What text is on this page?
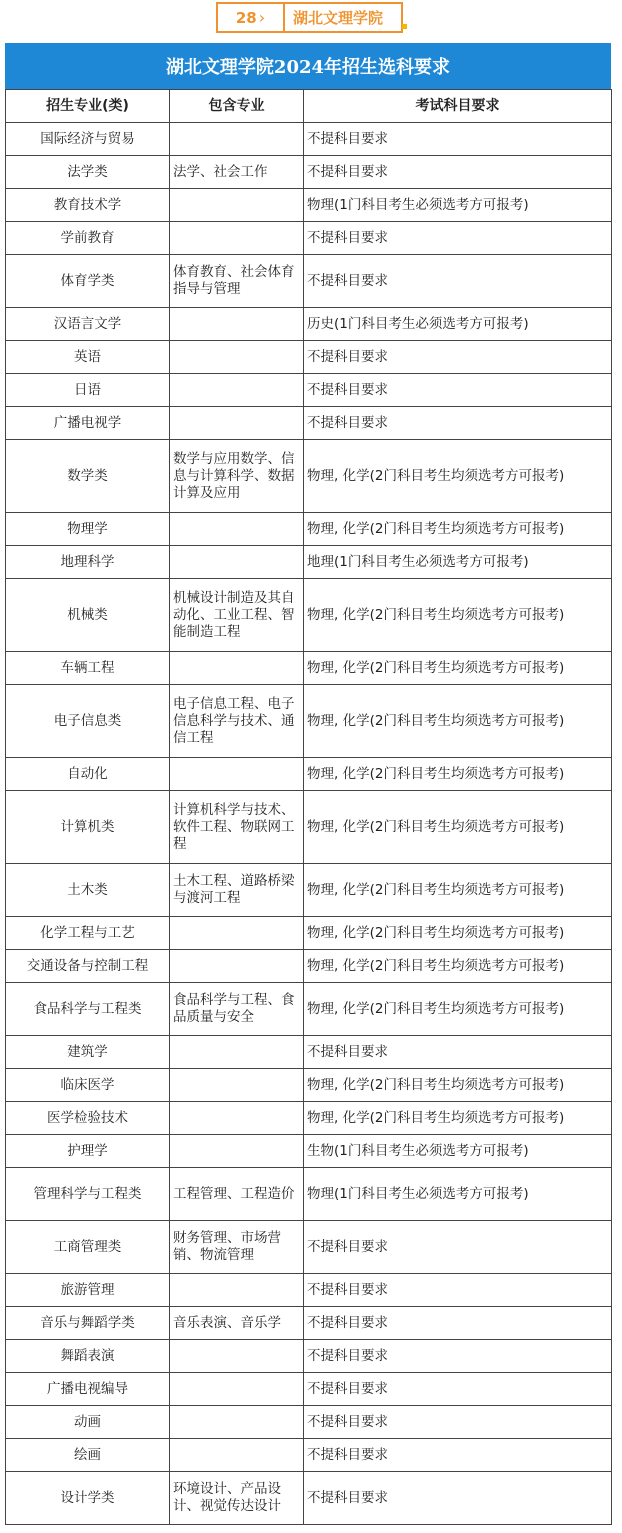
28 › 湖北文理学院
湖北文理学院2024年招生选科要求
招生专业(类)	包含专业	考试科目要求
国际经济与贸易		不提科目要求
法学类	法学、社会工作	不提科目要求
教育技术学		物理(1门科目考生必须选考方可报考)
学前教育		不提科目要求
体育学类	体育教育、社会体育指导与管理	不提科目要求
汉语言文学		历史(1门科目考生必须选考方可报考)
英语		不提科目要求
日语		不提科目要求
广播电视学		不提科目要求
数学类	数学与应用数学、信息与计算科学、数据计算及应用	物理, 化学(2门科目考生均须选考方可报考)
物理学		物理, 化学(2门科目考生均须选考方可报考)
地理科学		地理(1门科目考生必须选考方可报考)
机械类	机械设计制造及其自动化、工业工程、智能制造工程	物理, 化学(2门科目考生均须选考方可报考)
车辆工程		物理, 化学(2门科目考生均须选考方可报考)
电子信息类	电子信息工程、电子信息科学与技术、通信工程	物理, 化学(2门科目考生均须选考方可报考)
自动化		物理, 化学(2门科目考生均须选考方可报考)
计算机类	计算机科学与技术、软件工程、物联网工程	物理, 化学(2门科目考生均须选考方可报考)
土木类	土木工程、道路桥梁与渡河工程	物理, 化学(2门科目考生均须选考方可报考)
化学工程与工艺		物理, 化学(2门科目考生均须选考方可报考)
交通设备与控制工程		物理, 化学(2门科目考生均须选考方可报考)
食品科学与工程类	食品科学与工程、食品质量与安全	物理, 化学(2门科目考生均须选考方可报考)
建筑学		不提科目要求
临床医学		物理, 化学(2门科目考生均须选考方可报考)
医学检验技术		物理, 化学(2门科目考生均须选考方可报考)
护理学		生物(1门科目考生必须选考方可报考)
管理科学与工程类	工程管理、工程造价	物理(1门科目考生必须选考方可报考)
工商管理类	财务管理、市场营销、物流管理	不提科目要求
旅游管理		不提科目要求
音乐与舞蹈学类	音乐表演、音乐学	不提科目要求
舞蹈表演		不提科目要求
广播电视编导		不提科目要求
动画		不提科目要求
绘画		不提科目要求
设计学类	环境设计、产品设计、视觉传达设计	不提科目要求
